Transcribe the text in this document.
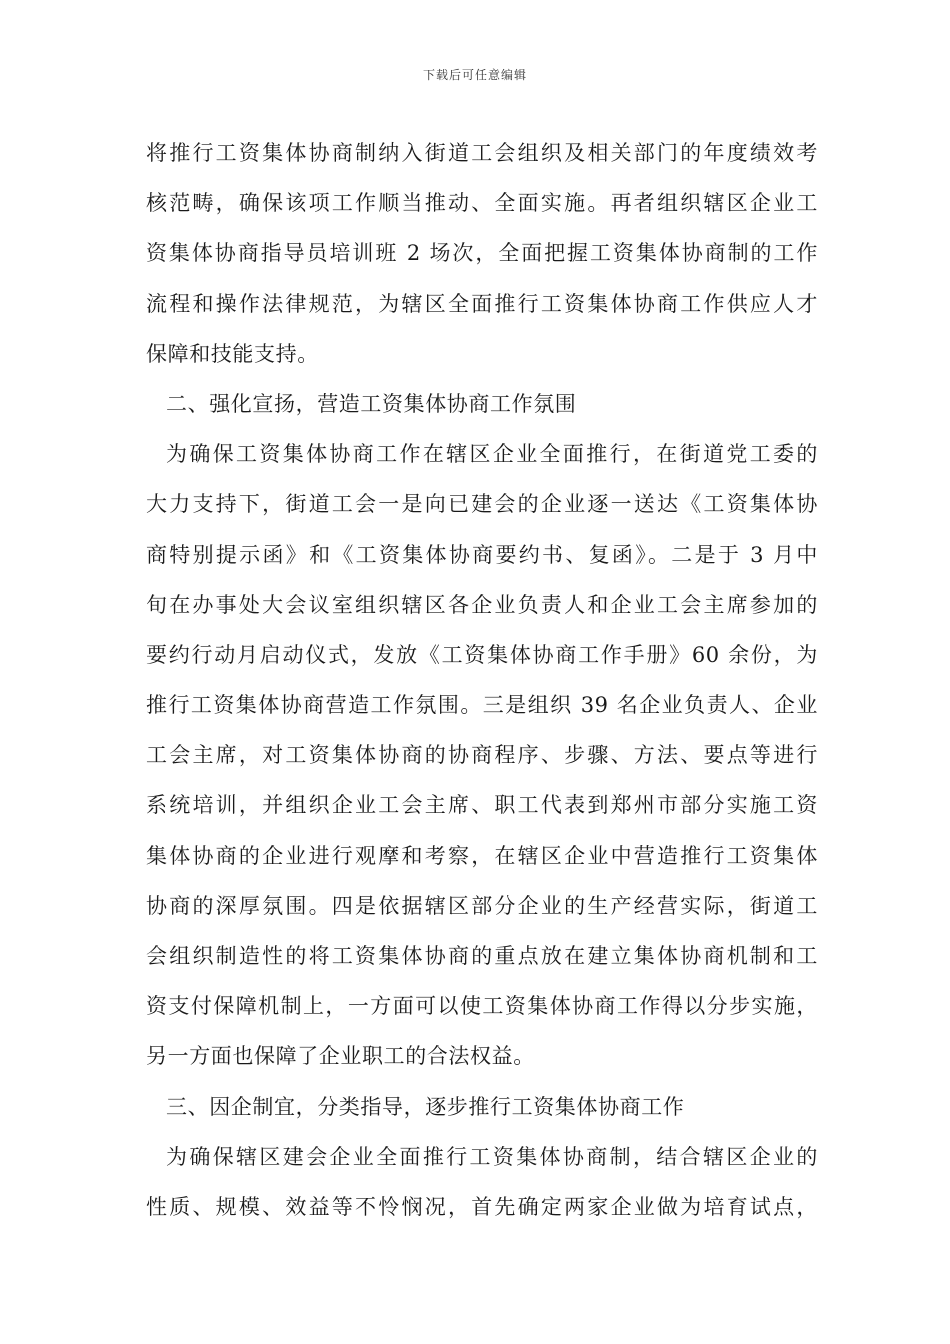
下载后可任意编辑
将推行工资集体协商制纳入街道工会组织及相关部门的年度绩效考
核范畴，确保该项工作顺当推动、全面实施。再者组织辖区企业工
资集体协商指导员培训班 2 场次，全面把握工资集体协商制的工作
流程和操作法律规范，为辖区全面推行工资集体协商工作供应人才
保障和技能支持。
二、强化宣扬，营造工资集体协商工作氛围
为确保工资集体协商工作在辖区企业全面推行，在街道党工委的
大力支持下，街道工会一是向已建会的企业逐一送达《工资集体协
商特别提示函》和《工资集体协商要约书、复函》。二是于 3 月中
旬在办事处大会议室组织辖区各企业负责人和企业工会主席参加的
要约行动月启动仪式，发放《工资集体协商工作手册》60 余份，为
推行工资集体协商营造工作氛围。三是组织 39 名企业负责人、企业
工会主席，对工资集体协商的协商程序、步骤、方法、要点等进行
系统培训，并组织企业工会主席、职工代表到郑州市部分实施工资
集体协商的企业进行观摩和考察，在辖区企业中营造推行工资集体
协商的深厚氛围。四是依据辖区部分企业的生产经营实际，街道工
会组织制造性的将工资集体协商的重点放在建立集体协商机制和工
资支付保障机制上，一方面可以使工资集体协商工作得以分步实施，
另一方面也保障了企业职工的合法权益。
三、因企制宜，分类指导，逐步推行工资集体协商工作
为确保辖区建会企业全面推行工资集体协商制，结合辖区企业的
性质、规模、效益等不怜悯况，首先确定两家企业做为培育试点，
